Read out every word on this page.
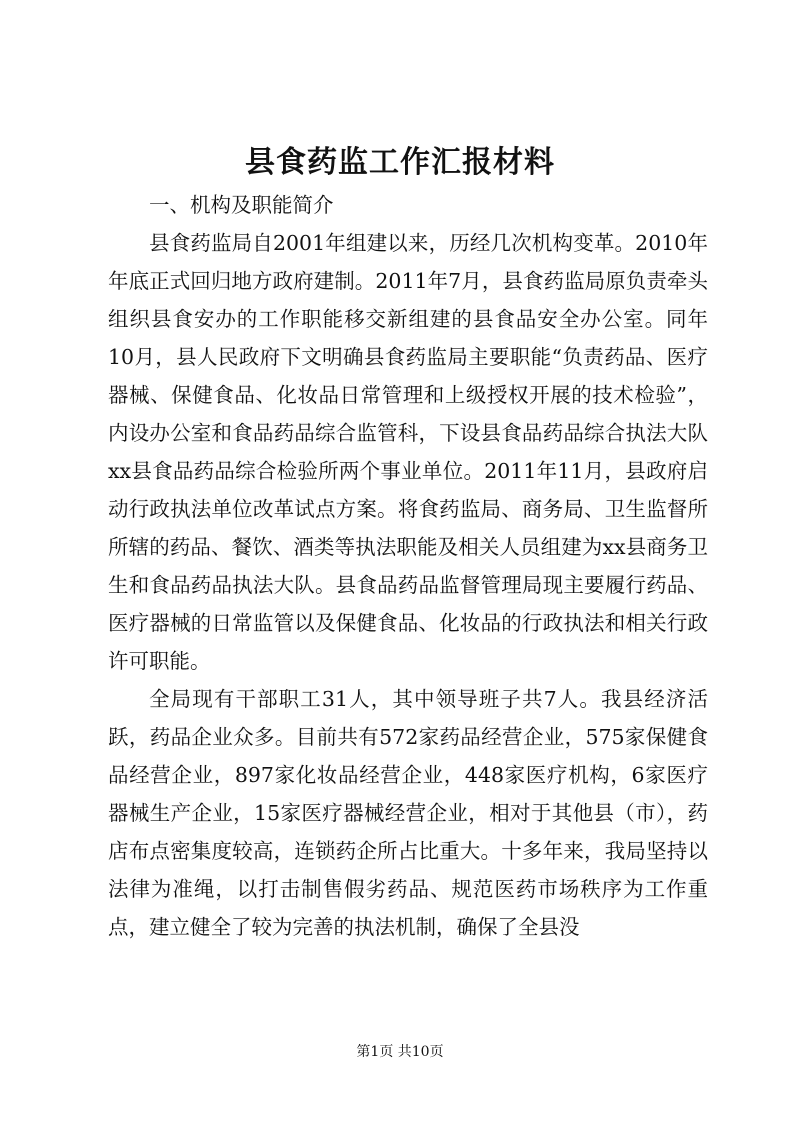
县食药监工作汇报材料

一、机构及职能简介

县食药监局自2001年组建以来，历经几次机构变革。2010年年底正式回归地方政府建制。2011年7月，县食药监局原负责牵头组织县食安办的工作职能移交新组建的县食品安全办公室。同年10月，县人民政府下文明确县食药监局主要职能“负责药品、医疗器械、保健食品、化妆品日常管理和上级授权开展的技术检验”，内设办公室和食品药品综合监管科，下设县食品药品综合执法大队xx县食品药品综合检验所两个事业单位。2011年11月，县政府启动行政执法单位改革试点方案。将食药监局、商务局、卫生监督所所辖的药品、餐饮、酒类等执法职能及相关人员组建为xx县商务卫生和食品药品执法大队。县食品药品监督管理局现主要履行药品、医疗器械的日常监管以及保健食品、化妆品的行政执法和相关行政许可职能。

全局现有干部职工31人，其中领导班子共7人。我县经济活跃，药品企业众多。目前共有572家药品经营企业，575家保健食品经营企业，897家化妆品经营企业，448家医疗机构，6家医疗器械生产企业，15家医疗器械经营企业，相对于其他县（市），药店布点密集度较高，连锁药企所占比重大。十多年来，我局坚持以法律为准绳，以打击制售假劣药品、规范医药市场秩序为工作重点，建立健全了较为完善的执法机制，确保了全县没

第1页 共10页
